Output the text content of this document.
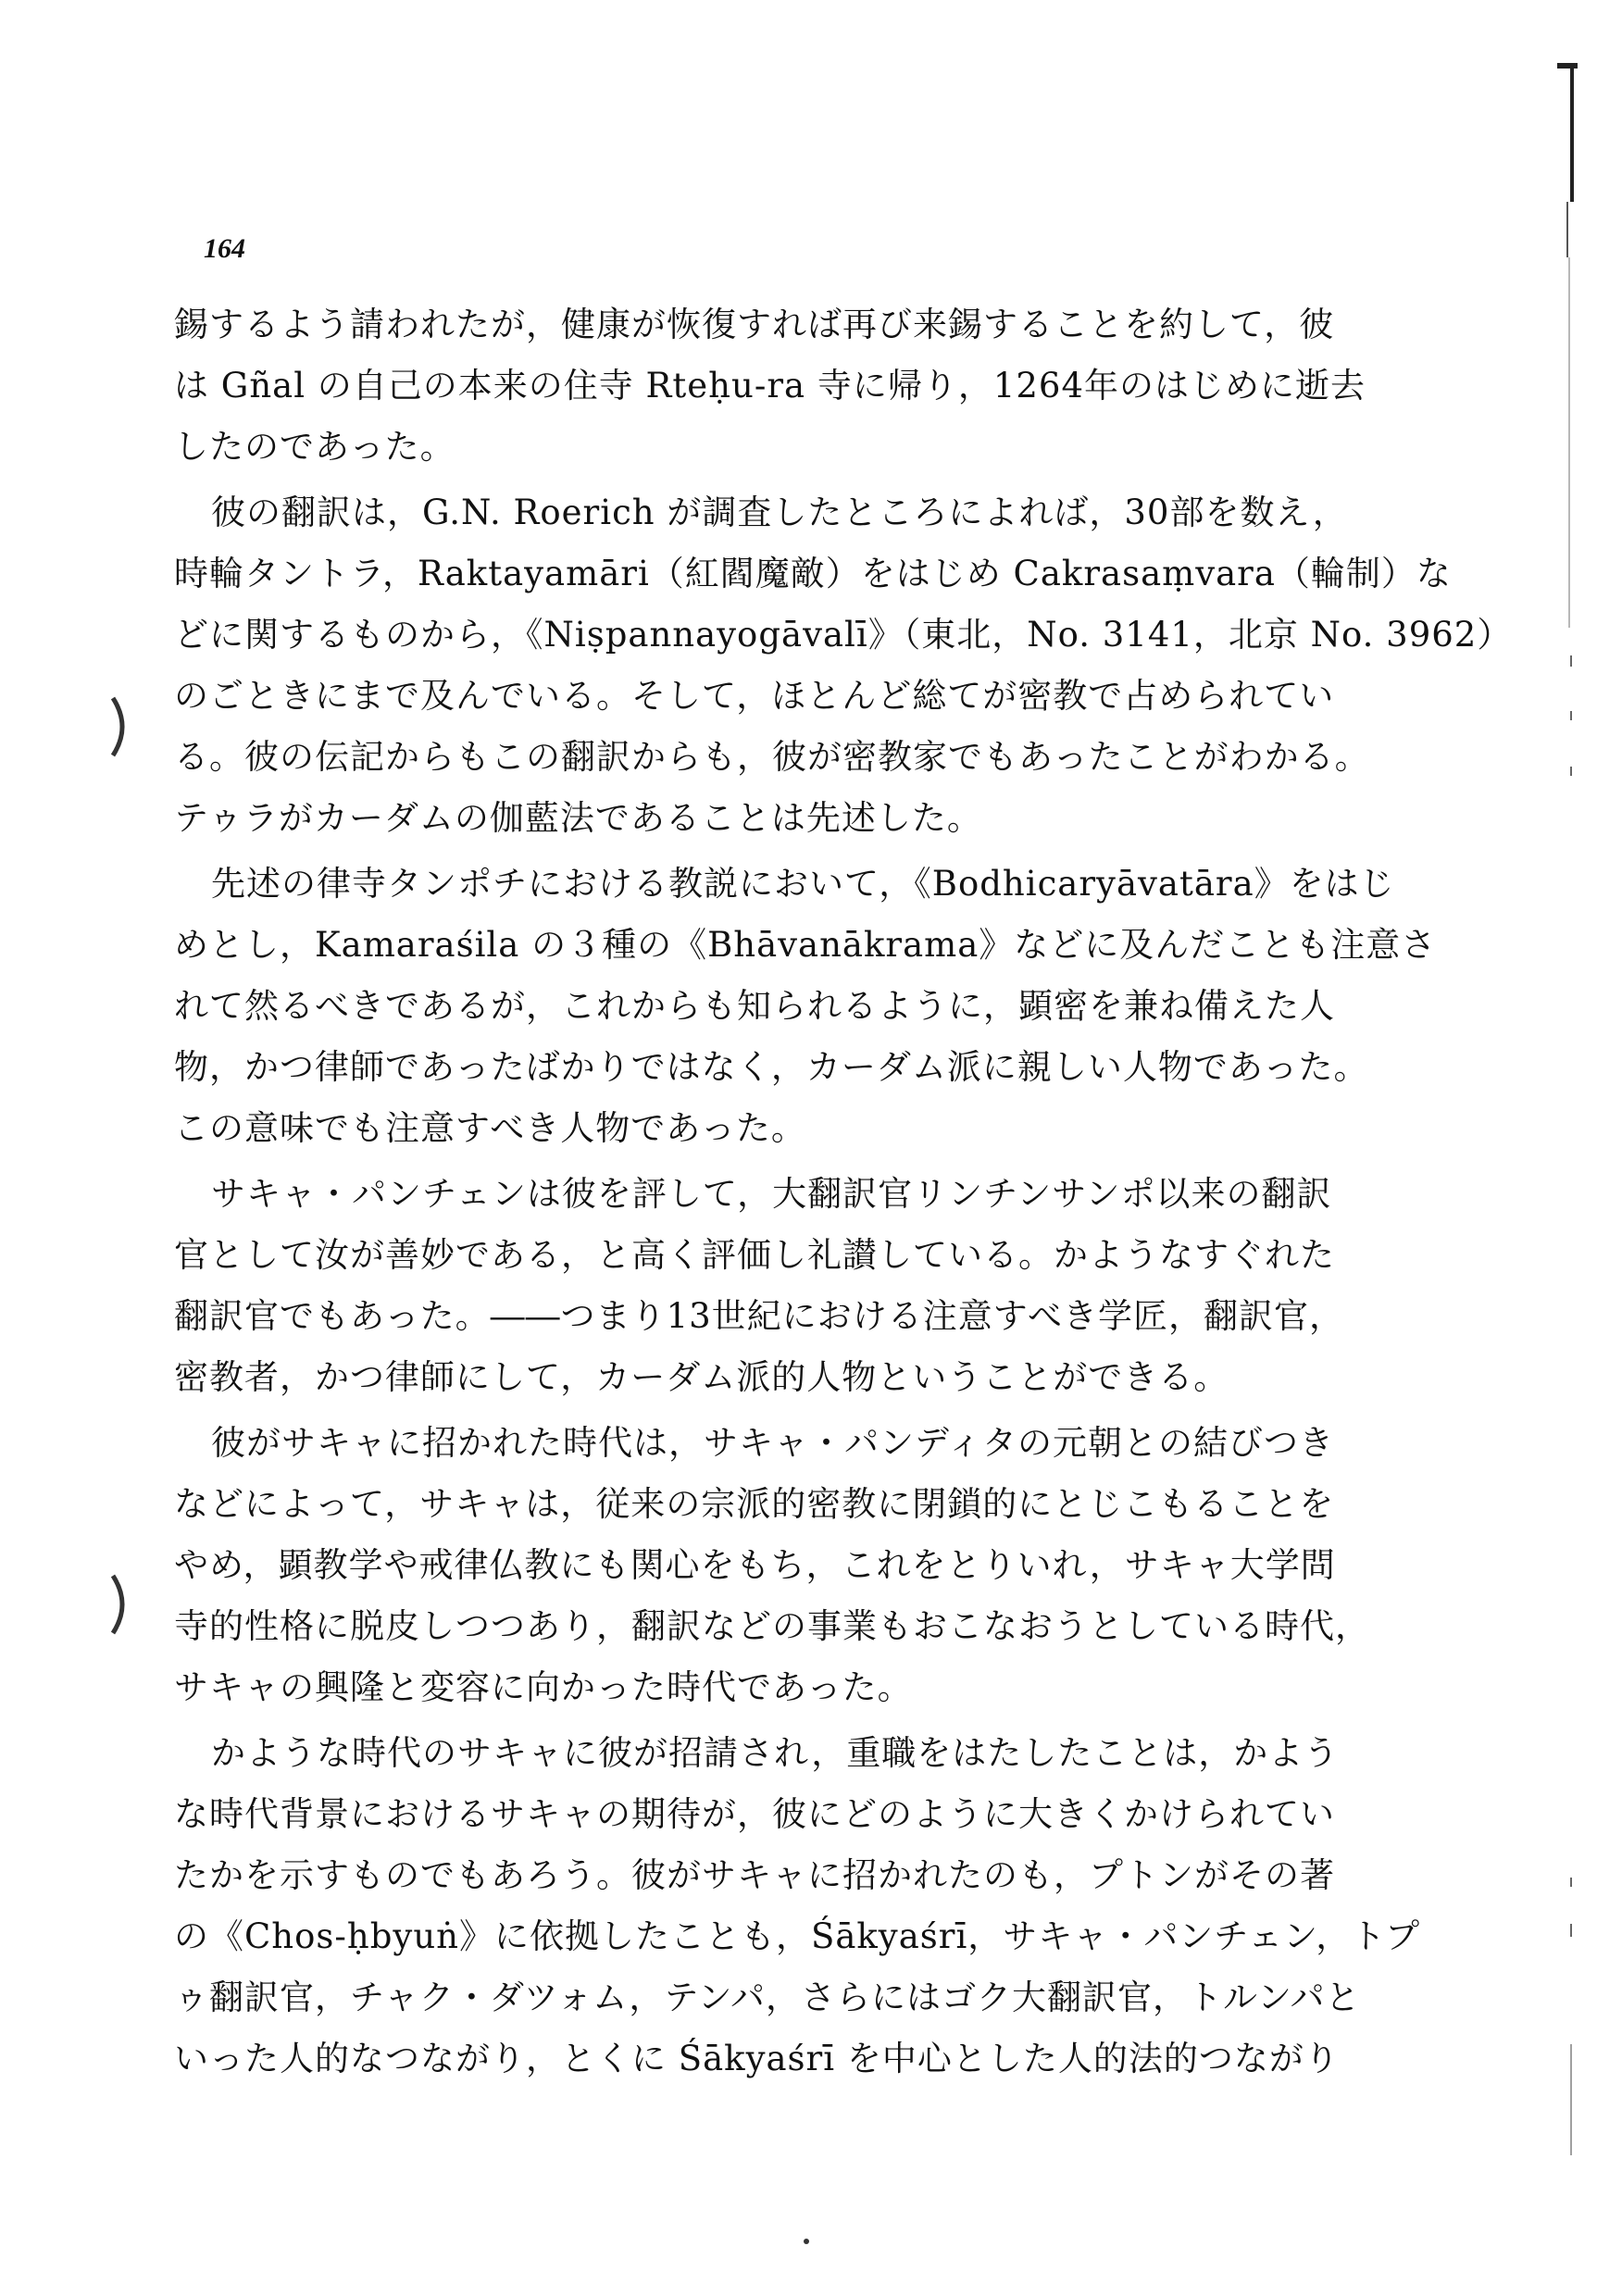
164
錫するよう請われたが，健康が恢復すれば再び来錫することを約して，彼
は Gñal の自己の本来の住寺 Rteḥu-ra 寺に帰り，1264年のはじめに逝去
したのであった。
彼の翻訳は，G.N. Roerich が調査したところによれば，30部を数え，
時輪タントラ，Raktayamāri（紅閻魔敵）をはじめ Cakrasaṃvara（輪制）な
どに関するものから，《Niṣpannayogāvalī》（東北，No. 3141，北京 No. 3962）
のごときにまで及んでいる。そして，ほとんど総てが密教で占められてい
る。彼の伝記からもこの翻訳からも，彼が密教家でもあったことがわかる。
テゥラがカーダムの伽藍法であることは先述した。
先述の律寺タンポチにおける教説において，《Bodhicaryāvatāra》をはじ
めとし，Kamaraśila の３種の《Bhāvanākrama》などに及んだことも注意さ
れて然るべきであるが，これからも知られるように，顕密を兼ね備えた人
物，かつ律師であったばかりではなく，カーダム派に親しい人物であった。
この意味でも注意すべき人物であった。
サキャ・パンチェンは彼を評して，大翻訳官リンチンサンポ以来の翻訳
官として汝が善妙である，と高く評価し礼讃している。かようなすぐれた
翻訳官でもあった。――つまり13世紀における注意すべき学匠，翻訳官，
密教者，かつ律師にして，カーダム派的人物ということができる。
彼がサキャに招かれた時代は，サキャ・パンディタの元朝との結びつき
などによって，サキャは，従来の宗派的密教に閉鎖的にとじこもることを
やめ，顕教学や戒律仏教にも関心をもち，これをとりいれ，サキャ大学問
寺的性格に脱皮しつつあり，翻訳などの事業もおこなおうとしている時代，
サキャの興隆と変容に向かった時代であった。
かような時代のサキャに彼が招請され，重職をはたしたことは，かよう
な時代背景におけるサキャの期待が，彼にどのように大きくかけられてい
たかを示すものでもあろう。彼がサキャに招かれたのも，プトンがその著
の《Chos-ḥbyuṅ》に依拠したことも，Śākyaśrī，サキャ・パンチェン，トプ
ゥ翻訳官，チャク・ダツォム，テンパ，さらにはゴク大翻訳官，トルンパと
いった人的なつながり，とくに Śākyaśrī を中心とした人的法的つながり
